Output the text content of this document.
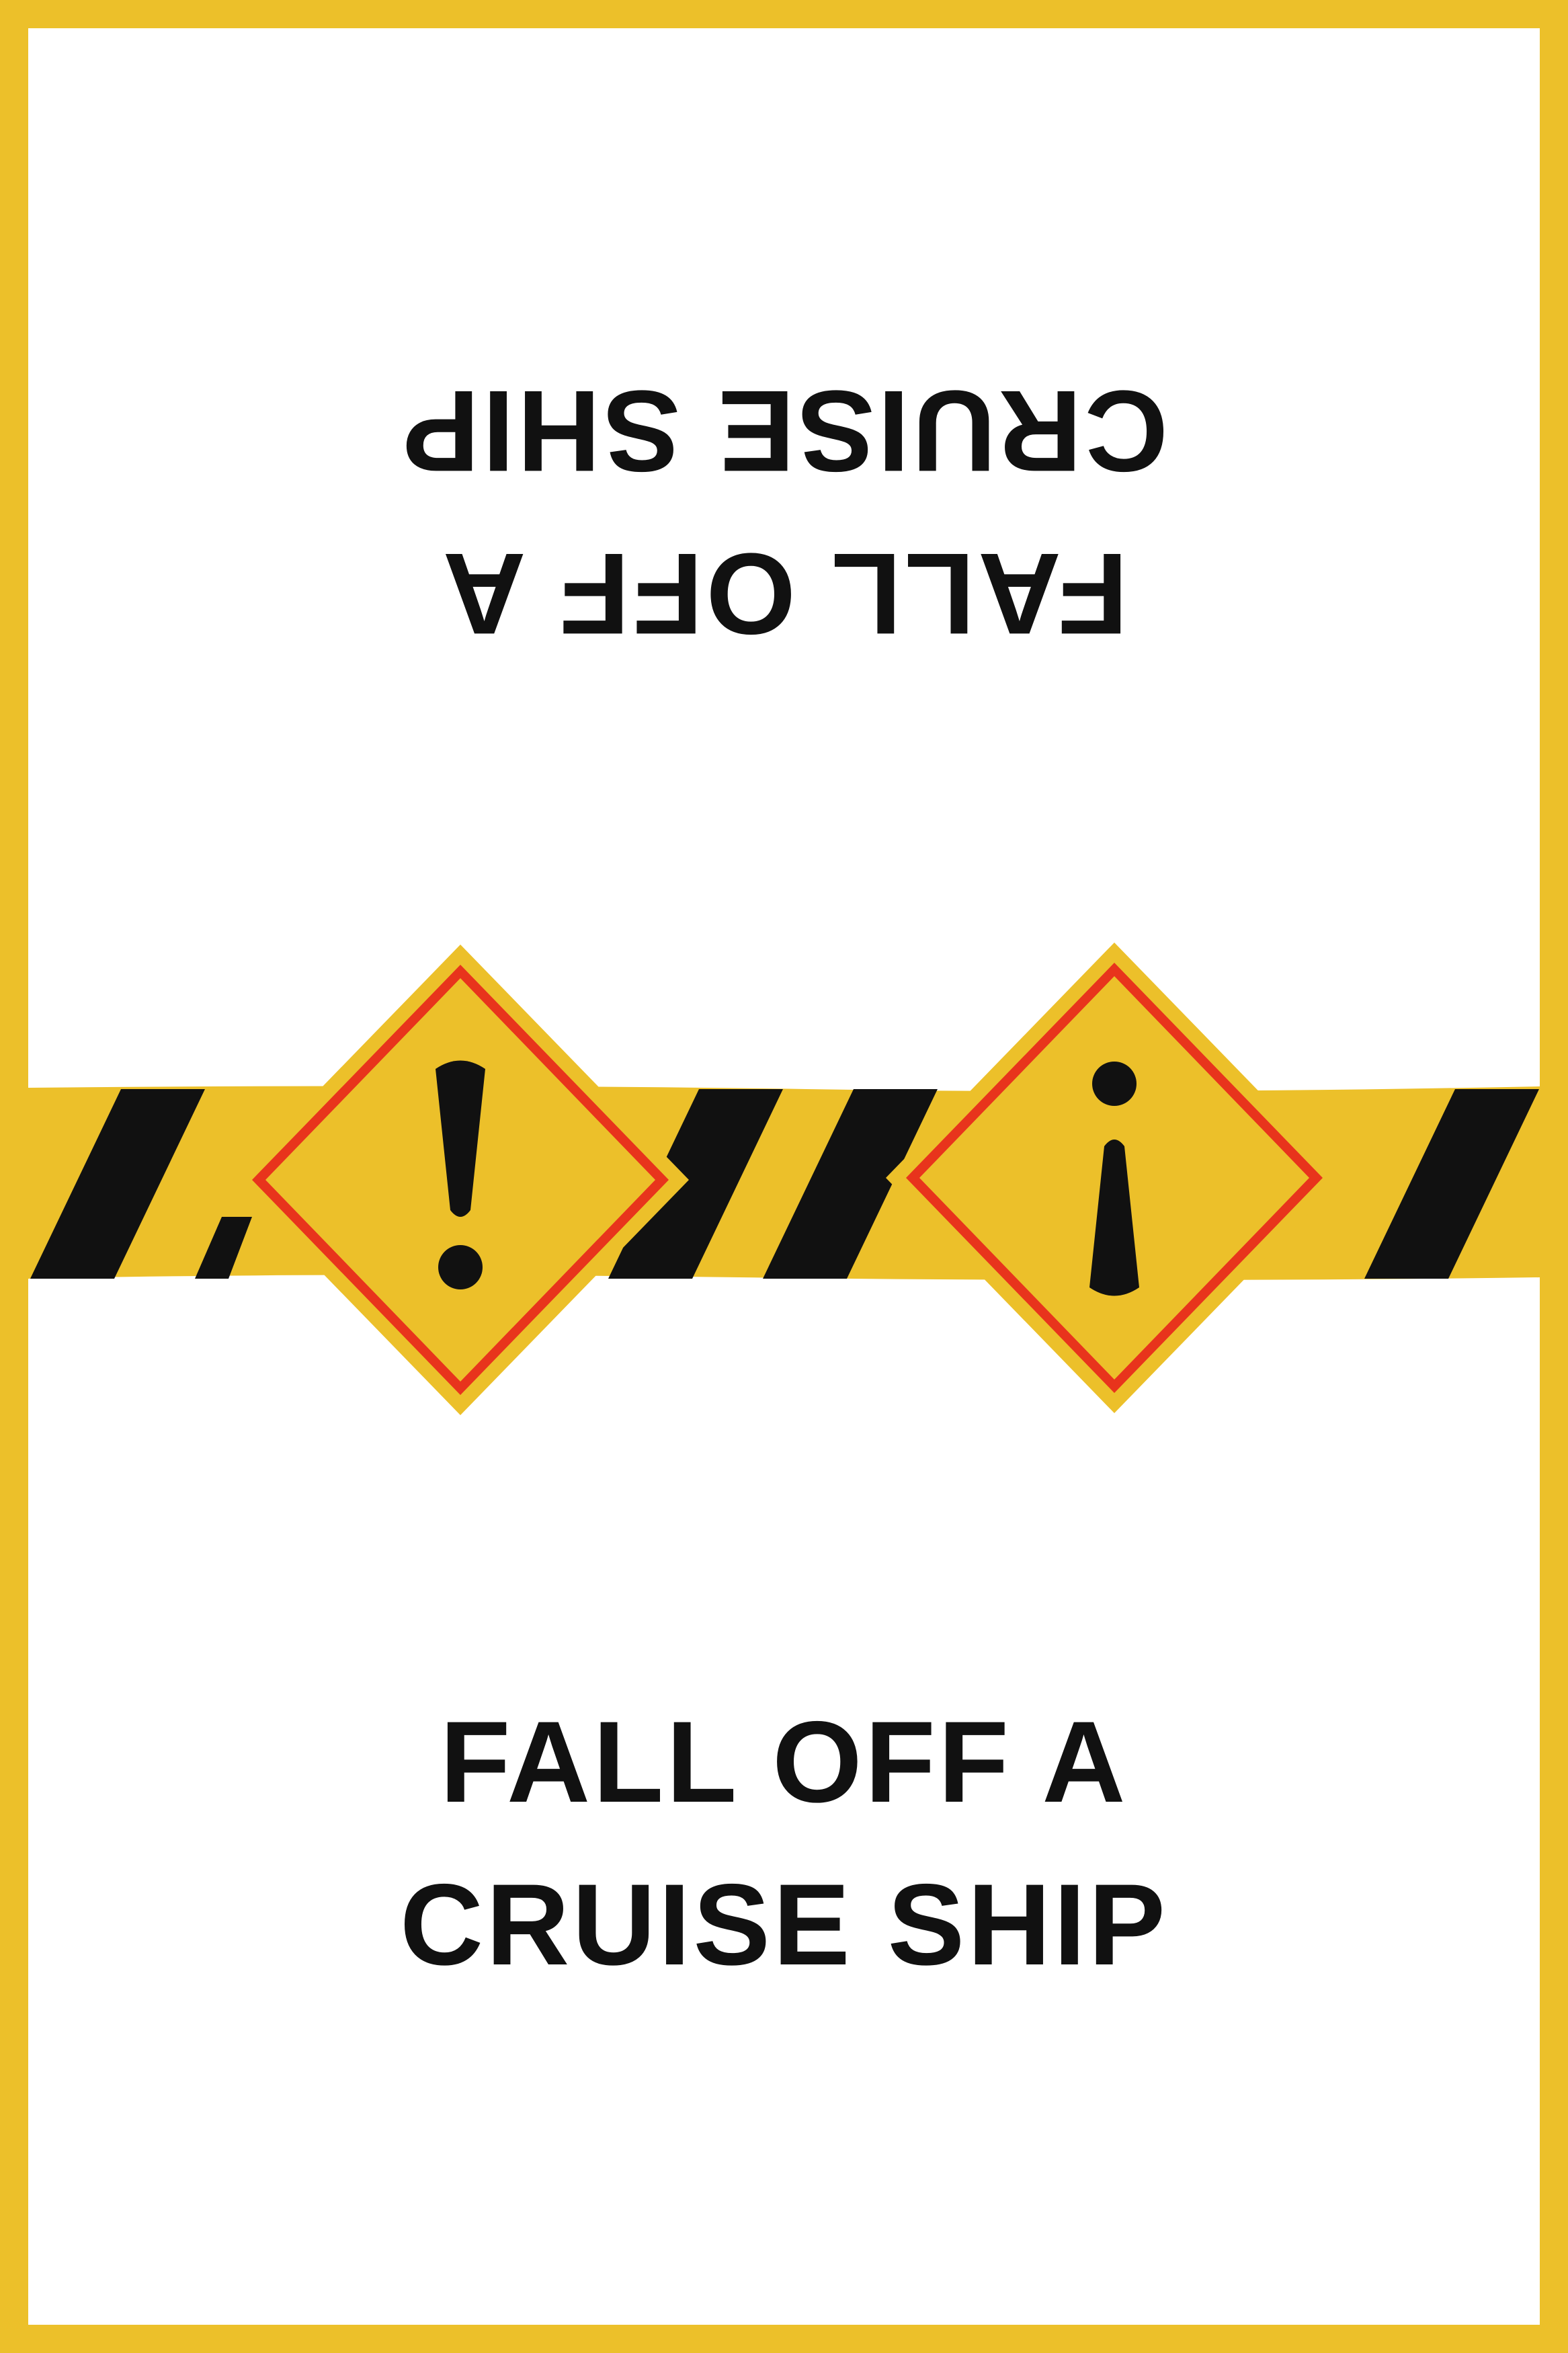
FALL OFF A
CRUISE SHIP
FALL OFF A
CRUISE SHIP
